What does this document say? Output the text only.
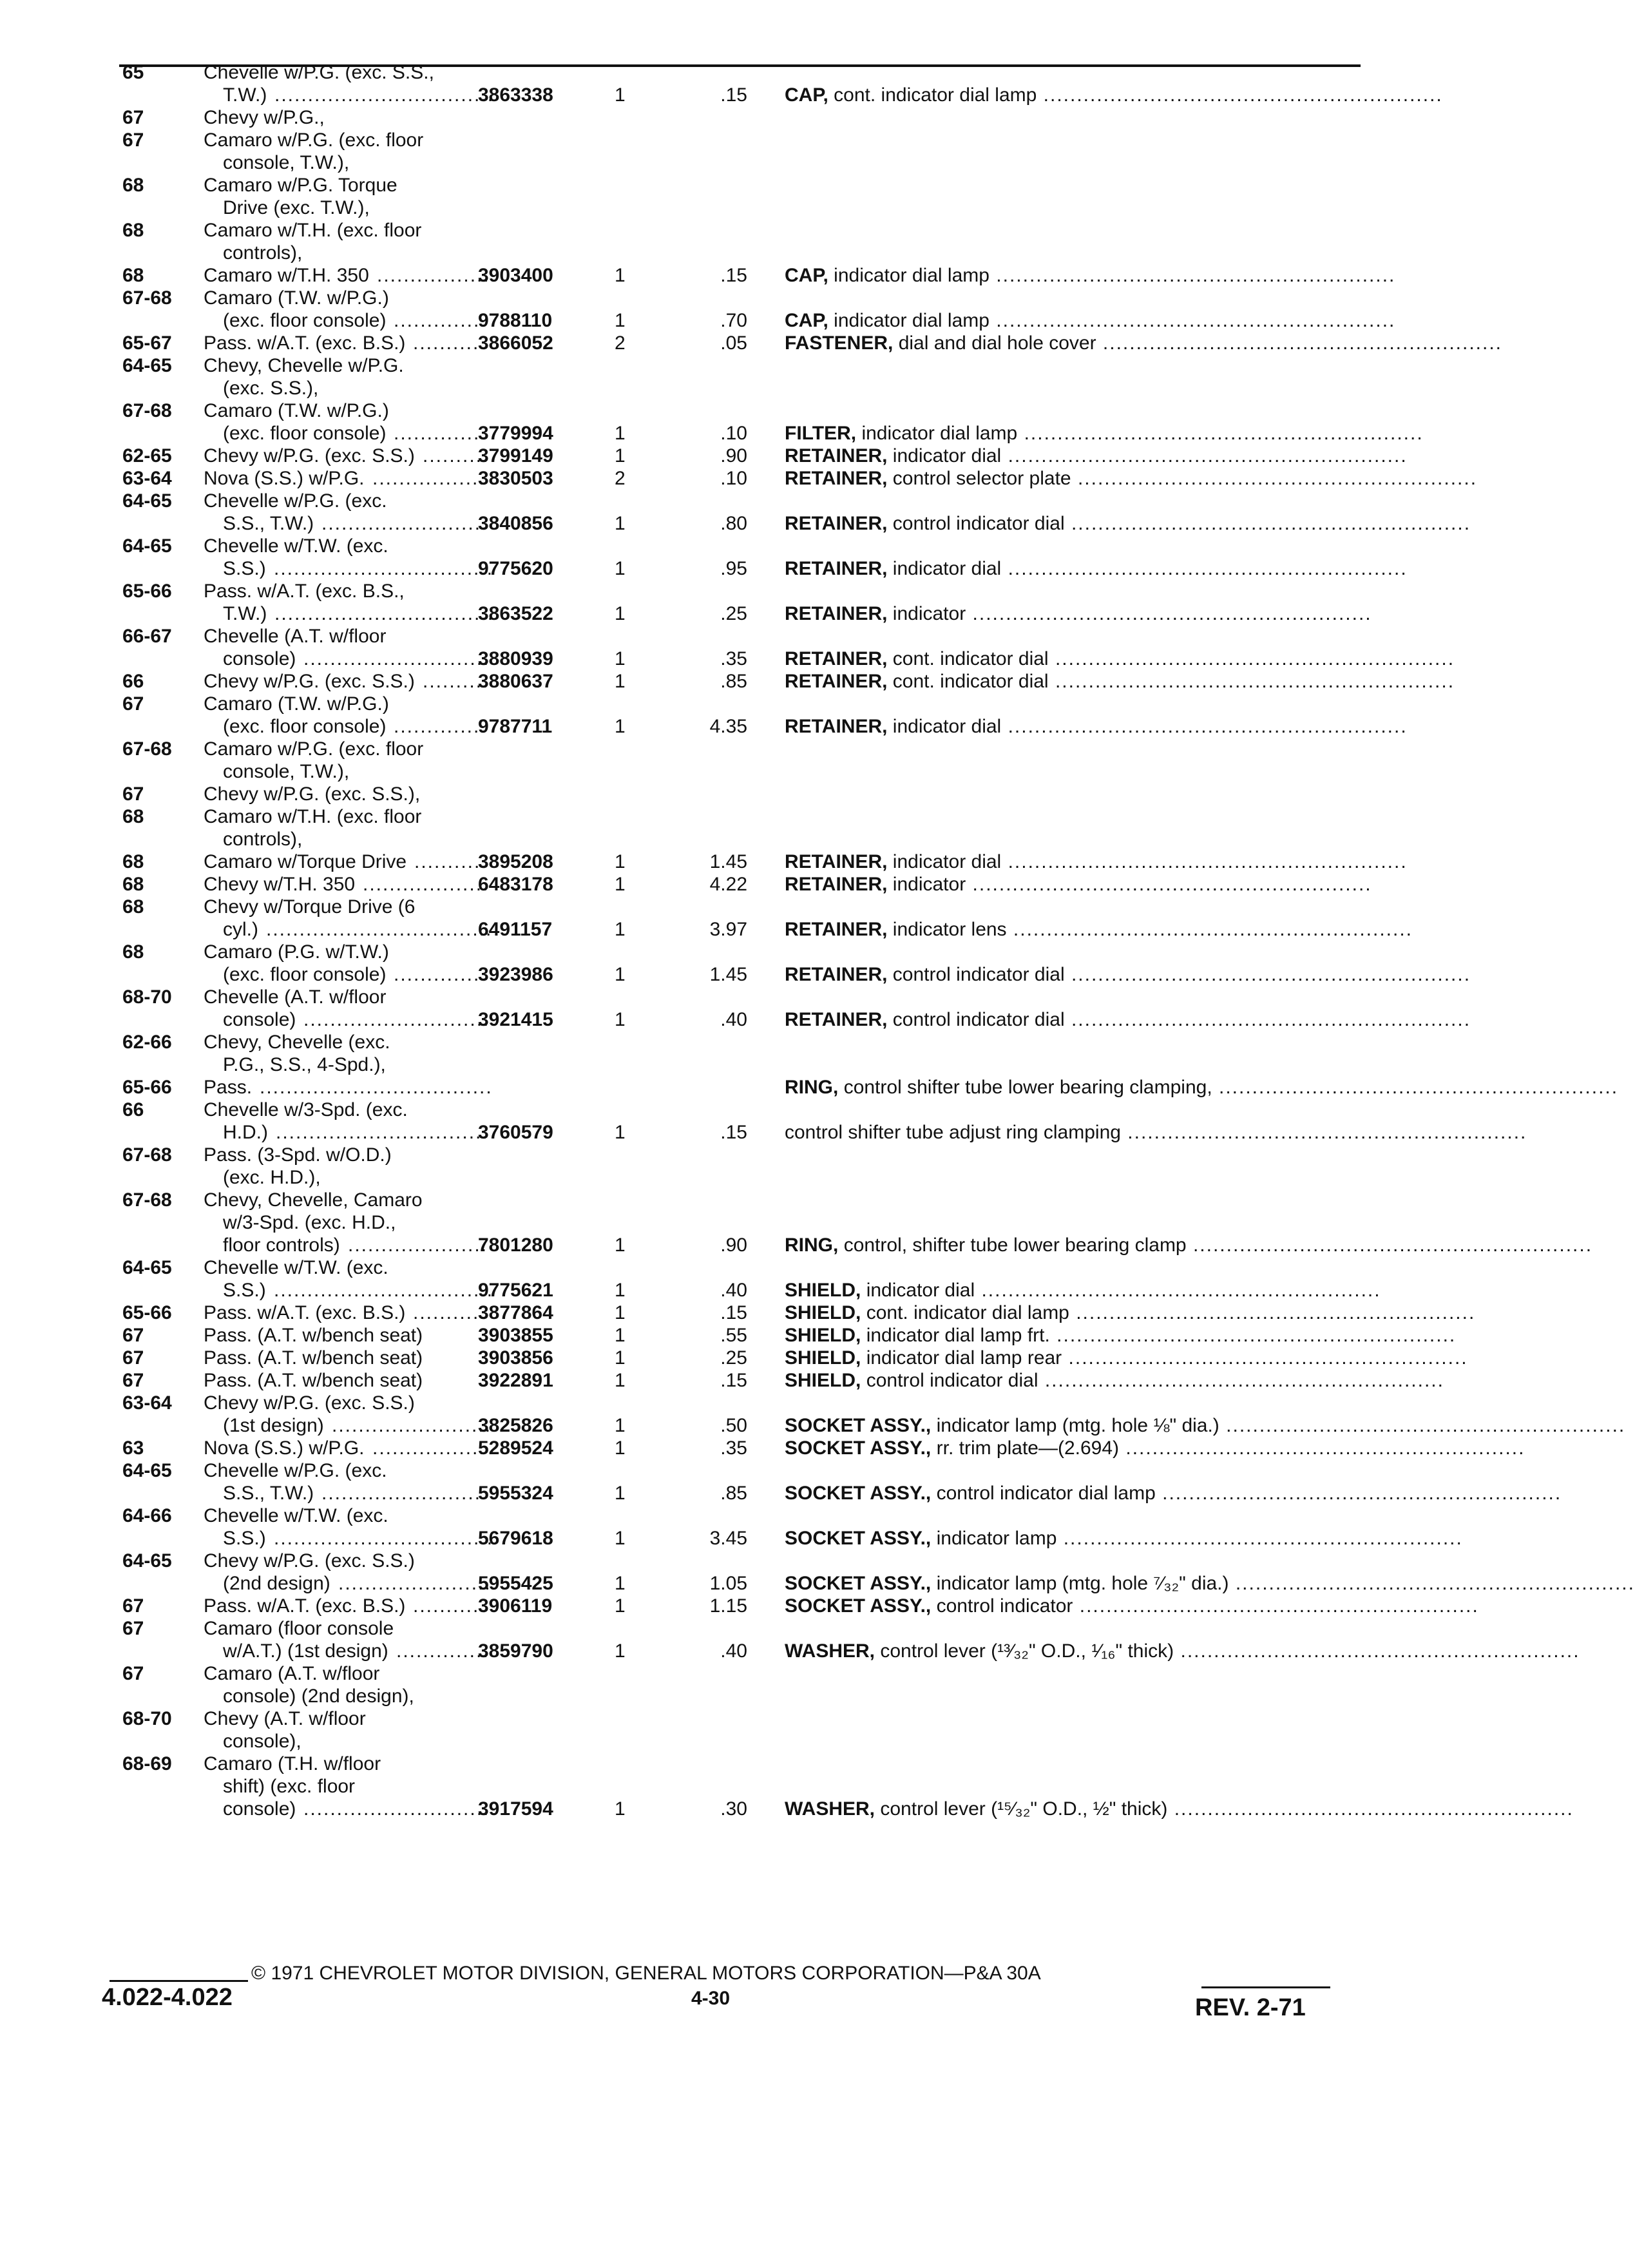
65	Chevelle w/P.G. (exc. S.S.,
T.W.) .................................
3863338	1	.15 CAP, cont. indicator dial lamp ............................................................
67	Chevy w/P.G.,
67	Camaro w/P.G. (exc. floor
console, T.W.),
68	Camaro w/P.G. Torque
Drive (exc. T.W.),
68	Camaro w/T.H. (exc. floor
controls),
68	Camaro w/T.H. 350 .................
3903400	1	.15 CAP, indicator dial lamp ............................................................
67-68 Camaro (T.W. w/P.G.)
(exc. floor console) ..............
9788110	1	.70 CAP, indicator dial lamp ............................................................
65-67 Pass. w/A.T. (exc. B.S.) ...........
3866052	2	.05 FASTENER, dial and dial hole cover ............................................................
64-65 Chevy, Chevelle w/P.G.
(exc. S.S.),
67-68 Camaro (T.W. w/P.G.)
(exc. floor console) ..............
3779994	1	.10 FILTER, indicator dial lamp ............................................................
62-65 Chevy w/P.G. (exc. S.S.) ..........
3799149	1	.90 RETAINER, indicator dial ............................................................
63-64 Nova (S.S.) w/P.G. .................
3830503	2	.10 RETAINER, control selector plate ............................................................
64-65 Chevelle w/P.G. (exc.
S.S., T.W.) .........................
3840856	1	.80 RETAINER, control indicator dial ............................................................
64-65 Chevelle w/T.W. (exc.
S.S.) .................................
9775620	1	.95 RETAINER, indicator dial ............................................................
65-66 Pass. w/A.T. (exc. B.S.,
T.W.) .................................
3863522	1	.25 RETAINER, indicator ............................................................
66-67 Chevelle (A.T. w/floor
console) ............................
3880939	1	.35 RETAINER, cont. indicator dial ............................................................
66	Chevy w/P.G. (exc. S.S.) ..........
3880637	1	.85 RETAINER, cont. indicator dial ............................................................
67	Camaro (T.W. w/P.G.)
(exc. floor console) ..............
9787711	1	4.35 RETAINER, indicator dial ............................................................
67-68 Camaro w/P.G. (exc. floor
console, T.W.),
67	Chevy w/P.G. (exc. S.S.),
68	Camaro w/T.H. (exc. floor
controls),
68	Camaro w/Torque Drive ...........
3895208	1	1.45 RETAINER, indicator dial ............................................................
68	Chevy w/T.H. 350 ...................
6483178	1	4.22 RETAINER, indicator ............................................................
68	Chevy w/Torque Drive (6
cyl.) ..................................
6491157	1	3.97 RETAINER, indicator lens ............................................................
68	Camaro (P.G. w/T.W.)
(exc. floor console) ..............
3923986	1	1.45 RETAINER, control indicator dial ............................................................
68-70 Chevelle (A.T. w/floor
console) ............................
3921415	1	.40 RETAINER, control indicator dial ............................................................
62-66 Chevy, Chevelle (exc.
P.G., S.S., 4-Spd.),
65-66 Pass. ...................................	RING, control shifter tube lower bearing clamping, ............................................................
66	Chevelle w/3-Spd. (exc.
H.D.) ................................
3760579	1	.15 control shifter tube adjust ring clamping ............................................................
67-68 Pass. (3-Spd. w/O.D.)
(exc. H.D.),
67-68 Chevy, Chevelle, Camaro
w/3-Spd. (exc. H.D.,
floor controls) .....................
7801280	1	.90 RING, control, shifter tube lower bearing clamp ............................................................
64-65 Chevelle w/T.W. (exc.
S.S.) .................................
9775621	1	.40 SHIELD, indicator dial ............................................................
65-66 Pass. w/A.T. (exc. B.S.) ...........
3877864	1	.15 SHIELD, cont. indicator dial lamp ............................................................
67	Pass. (A.T. w/bench seat)	3903855	1	.55 SHIELD, indicator dial lamp frt. ............................................................
67	Pass. (A.T. w/bench seat)	3903856	1	.25 SHIELD, indicator dial lamp rear ............................................................
67	Pass. (A.T. w/bench seat)	3922891	1	.15 SHIELD, control indicator dial ............................................................
63-64 Chevy w/P.G. (exc. S.S.)
(1st design) ........................
3825826	1	.50 SOCKET ASSY., indicator lamp (mtg. hole ⅛" dia.) ............................................................
63	Nova (S.S.) w/P.G. .................
5289524	1	.35 SOCKET ASSY., rr. trim plate—(2.694) ............................................................
64-65 Chevelle w/P.G. (exc.
S.S., T.W.) .........................
5955324	1	.85 SOCKET ASSY., control indicator dial lamp ............................................................
64-66 Chevelle w/T.W. (exc.
S.S.) .................................
5679618	1	3.45 SOCKET ASSY., indicator lamp ............................................................
64-65 Chevy w/P.G. (exc. S.S.)
(2nd design) .......................
5955425	1	1.05 SOCKET ASSY., indicator lamp (mtg. hole ⁷⁄₃₂" dia.) ............................................................
67	Pass. w/A.T. (exc. B.S.) ...........
3906119	1	1.15 SOCKET ASSY., control indicator ............................................................
67	Camaro (floor console
w/A.T.) (1st design) ..............
3859790	1	.40 WASHER, control lever (¹³⁄₃₂" O.D., ¹⁄₁₆" thick) ............................................................
67	Camaro (A.T. w/floor
console) (2nd design),
68-70 Chevy (A.T. w/floor
console),
68-69 Camaro (T.H. w/floor
shift) (exc. floor
console) ............................
3917594	1	.30 WASHER, control lever (¹⁵⁄₃₂" O.D., ½" thick) ............................................................
© 1971 CHEVROLET MOTOR DIVISION, GENERAL MOTORS CORPORATION—P&A 30A
4.022-4.022	4-30	REV. 2-71
